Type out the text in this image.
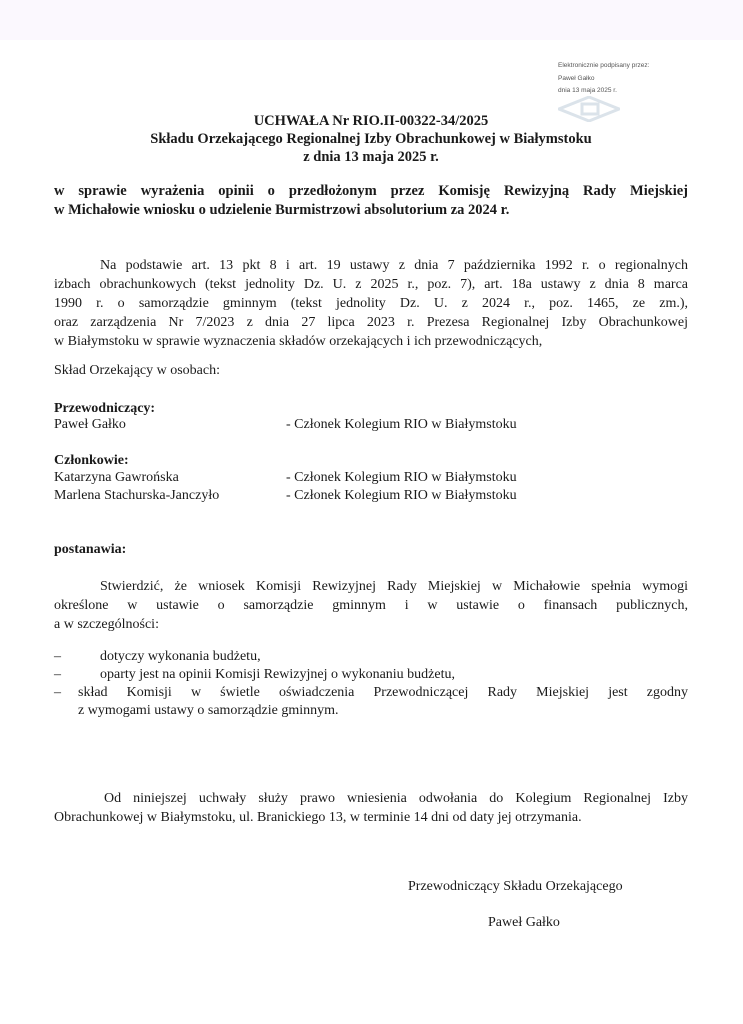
Elektronicznie podpisany przez:
Paweł Gałko
dnia 13 maja 2025 r.
UCHWAŁA Nr RIO.II-00322-34/2025
Składu Orzekającego Regionalnej Izby Obrachunkowej w Białymstoku
z dnia 13 maja 2025 r.
w sprawie wyrażenia opinii o przedłożonym przez Komisję Rewizyjną Rady Miejskiej
w Michałowie wniosku o udzielenie Burmistrzowi absolutorium za 2024 r.
Na podstawie art. 13 pkt 8 i art. 19 ustawy z dnia 7 października 1992 r. o regionalnych
izbach obrachunkowych (tekst jednolity Dz. U. z 2025 r., poz. 7), art. 18a ustawy z dnia 8 marca
1990 r. o samorządzie gminnym (tekst jednolity Dz. U. z 2024 r., poz. 1465, ze zm.),
oraz zarządzenia Nr 7/2023 z dnia 27 lipca 2023 r. Prezesa Regionalnej Izby Obrachunkowej
w Białymstoku w sprawie wyznaczenia składów orzekających i ich przewodniczących,
Skład Orzekający w osobach:
Przewodniczący:
Paweł Gałko	- Członek Kolegium RIO w Białymstoku
Członkowie:
Katarzyna Gawrońska	- Członek Kolegium RIO w Białymstoku
Marlena Stachurska-Janczyło	- Członek Kolegium RIO w Białymstoku
postanawia:
Stwierdzić, że wniosek Komisji Rewizyjnej Rady Miejskiej w Michałowie spełnia wymogi
określone w ustawie o samorządzie gminnym i w ustawie o finansach publicznych,
a w szczególności:
–	dotyczy wykonania budżetu,
–	oparty jest na opinii Komisji Rewizyjnej o wykonaniu budżetu,
– skład Komisji w świetle oświadczenia Przewodniczącej Rady Miejskiej jest zgodny
z wymogami ustawy o samorządzie gminnym.
Od niniejszej uchwały służy prawo wniesienia odwołania do Kolegium Regionalnej Izby
Obrachunkowej w Białymstoku, ul. Branickiego 13, w terminie 14 dni od daty jej otrzymania.
Przewodniczący Składu Orzekającego
Paweł Gałko
